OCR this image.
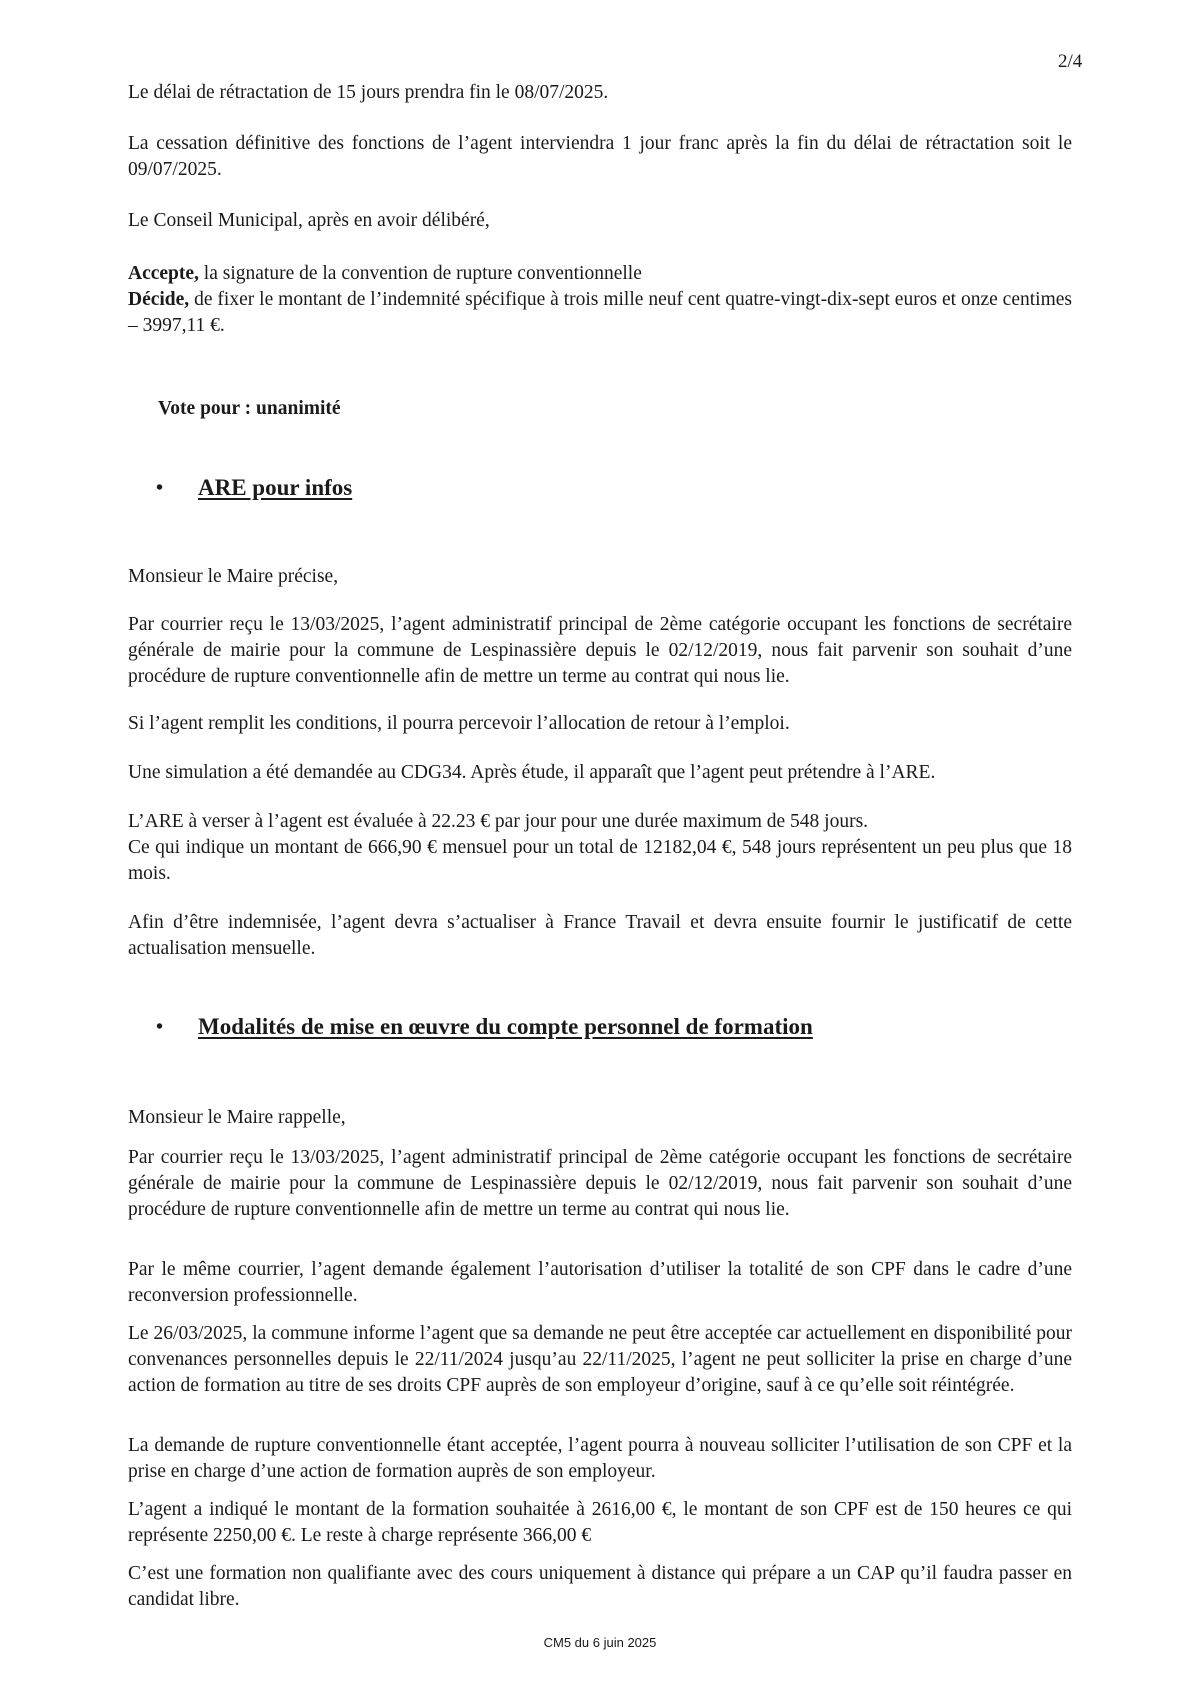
2/4

Le délai de rétractation de 15 jours prendra fin le 08/07/2025.

La cessation définitive des fonctions de l’agent interviendra 1 jour franc après la fin du délai de rétractation soit le 09/07/2025.

Le Conseil Municipal, après en avoir délibéré,

Accepte, la signature de la convention de rupture conventionnelle
Décide, de fixer le montant de l’indemnité spécifique à trois mille neuf cent quatre-vingt-dix-sept euros et onze centimes – 3997,11 €.

Vote pour : unanimité

•	ARE pour infos

Monsieur le Maire précise,

Par courrier reçu le 13/03/2025, l’agent administratif principal de 2ème catégorie occupant les fonctions de secrétaire générale de mairie pour la commune de Lespinassière depuis le 02/12/2019, nous fait parvenir son souhait d’une procédure de rupture conventionnelle afin de mettre un terme au contrat qui nous lie.

Si l’agent remplit les conditions, il pourra percevoir l’allocation de retour à l’emploi.

Une simulation a été demandée au CDG34. Après étude, il apparaît que l’agent peut prétendre à l’ARE.

L’ARE à verser à l’agent est évaluée à 22.23 € par jour pour une durée maximum de 548 jours.
Ce qui indique un montant de 666,90 € mensuel pour un total de 12182,04 €, 548 jours représentent un peu plus que 18 mois.

Afin d’être indemnisée, l’agent devra s’actualiser à France Travail et devra ensuite fournir le justificatif de cette actualisation mensuelle.

•	Modalités de mise en œuvre du compte personnel de formation

Monsieur le Maire rappelle,

Par courrier reçu le 13/03/2025, l’agent administratif principal de 2ème catégorie occupant les fonctions de secrétaire générale de mairie pour la commune de Lespinassière depuis le 02/12/2019, nous fait parvenir son souhait d’une procédure de rupture conventionnelle afin de mettre un terme au contrat qui nous lie.

Par le même courrier, l’agent demande également l’autorisation d’utiliser la totalité de son CPF dans le cadre d’une reconversion professionnelle.

Le 26/03/2025, la commune informe l’agent que sa demande ne peut être acceptée car actuellement en disponibilité pour convenances personnelles depuis le 22/11/2024 jusqu’au 22/11/2025, l’agent ne peut solliciter la prise en charge d’une action de formation au titre de ses droits CPF auprès de son employeur d’origine, sauf à ce qu’elle soit réintégrée.

La demande de rupture conventionnelle étant acceptée, l’agent pourra à nouveau solliciter l’utilisation de son CPF et la prise en charge d’une action de formation auprès de son employeur.

L’agent a indiqué le montant de la formation souhaitée à 2616,00 €, le montant de son CPF est de 150 heures ce qui représente 2250,00 €. Le reste à charge représente 366,00 €

C’est une formation non qualifiante avec des cours uniquement à distance qui prépare a un CAP qu’il faudra passer en candidat libre.

CM5 du 6 juin 2025
